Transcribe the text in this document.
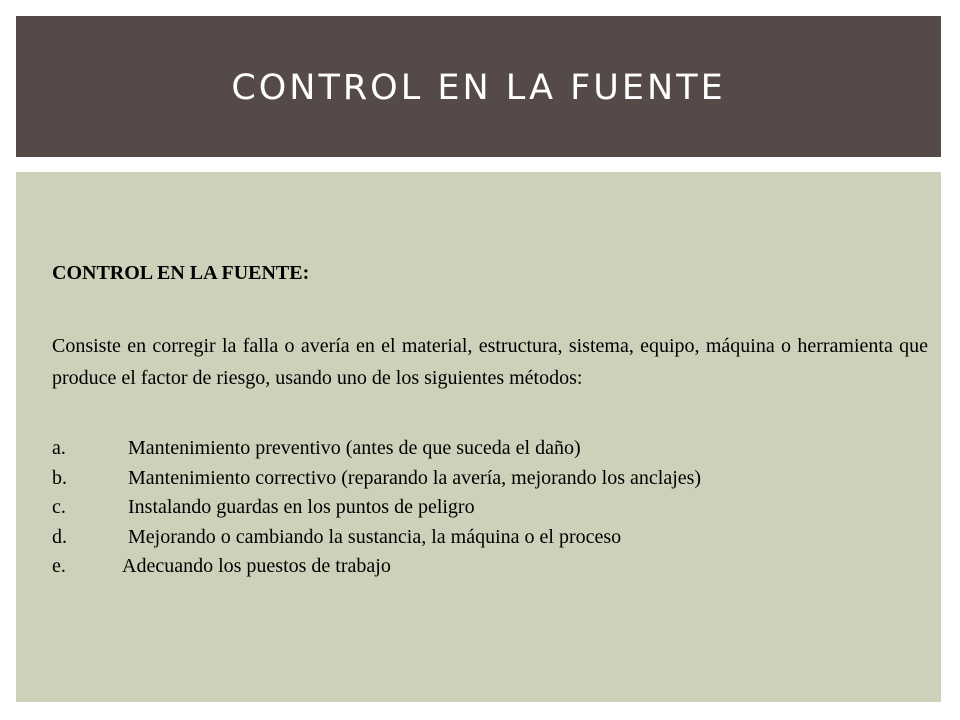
CONTROL EN LA FUENTE

CONTROL EN LA FUENTE:

Consiste en corregir la falla o avería en el material, estructura, sistema, equipo, máquina o herramienta que produce el factor de riesgo, usando uno de los siguientes métodos:

a.	Mantenimiento preventivo (antes de que suceda el daño)
b.	Mantenimiento correctivo (reparando la avería, mejorando los anclajes)
c.	Instalando guardas en los puntos de peligro
d.	Mejorando o cambiando la sustancia, la máquina o el proceso
e.	Adecuando los puestos de trabajo
